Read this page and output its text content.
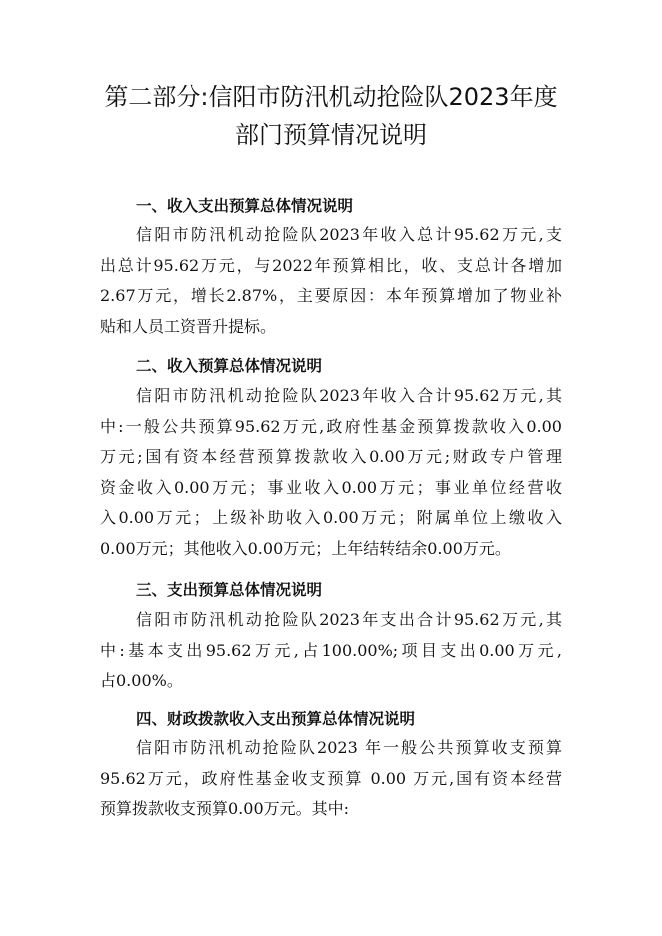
第二部分:信阳市防汛机动抢险队2023年度
部门预算情况说明
一、收入支出预算总体情况说明
信阳市防汛机动抢险队2023年收入总计95.62万元,支
出总计95.62万元，与2022年预算相比，收、支总计各增加
2.67万元，增长2.87%，主要原因：本年预算增加了物业补
贴和人员工资晋升提标。
二、收入预算总体情况说明
信阳市防汛机动抢险队2023年收入合计95.62万元,其
中:一般公共预算95.62万元,政府性基金预算拨款收入0.00
万元;国有资本经营预算拨款收入0.00万元;财政专户管理
资金收入0.00万元；事业收入0.00万元；事业单位经营收
入0.00万元；上级补助收入0.00万元；附属单位上缴收入
0.00万元；其他收入0.00万元；上年结转结余0.00万元。
三、支出预算总体情况说明
信阳市防汛机动抢险队2023年支出合计95.62万元,其
中:基本支出95.62万元,占100.00%;项目支出0.00万元,
占0.00%。
四、财政拨款收入支出预算总体情况说明
信阳市防汛机动抢险队2023 年一般公共预算收支预算
95.62万元，政府性基金收支预算 0.00 万元,国有资本经营
预算拨款收支预算0.00万元。其中:
